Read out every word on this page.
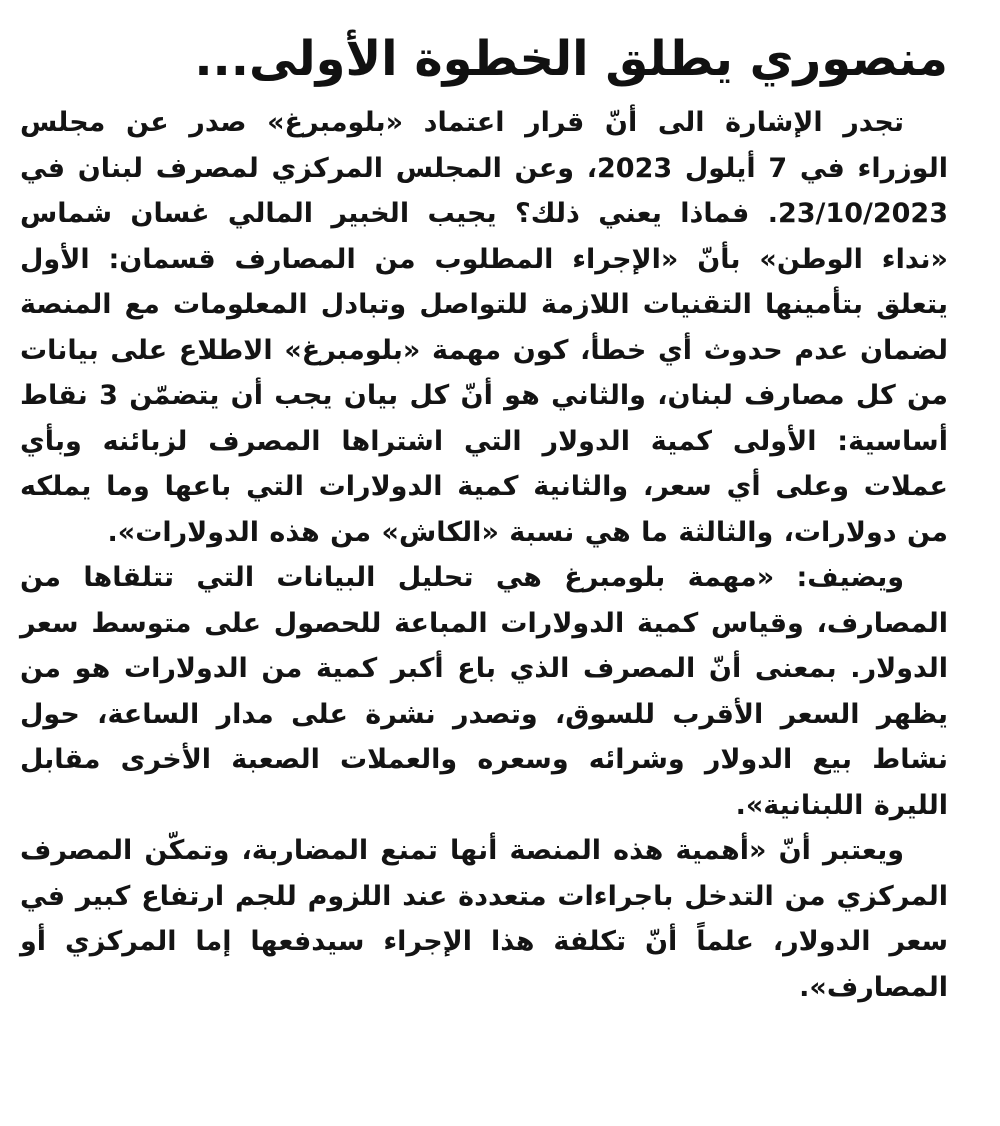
منصوري يطلق الخطوة الأولى...

تجدر الإشارة الى أنّ قرار اعتماد «بلومبرغ» صدر عن مجلس الوزراء في 7 أيلول 2023، وعن المجلس المركزي لمصرف لبنان في 23/10/2023. فماذا يعني ذلك؟ يجيب الخبير المالي غسان شماس «نداء الوطن» بأنّ «الإجراء المطلوب من المصارف قسمان: الأول يتعلق بتأمينها التقنيات اللازمة للتواصل وتبادل المعلومات مع المنصة لضمان عدم حدوث أي خطأ، كون مهمة «بلومبرغ» الاطلاع على بيانات من كل مصارف لبنان، والثاني هو أنّ كل بيان يجب أن يتضمّن 3 نقاط أساسية: الأولى كمية الدولار التي اشتراها المصرف لزبائنه وبأي عملات وعلى أي سعر، والثانية كمية الدولارات التي باعها وما يملكه من دولارات، والثالثة ما هي نسبة «الكاش» من هذه الدولارات».

ويضيف: «مهمة بلومبرغ هي تحليل البيانات التي تتلقاها من المصارف، وقياس كمية الدولارات المباعة للحصول على متوسط سعر الدولار. بمعنى أنّ المصرف الذي باع أكبر كمية من الدولارات هو من يظهر السعر الأقرب للسوق، وتصدر نشرة على مدار الساعة، حول نشاط بيع الدولار وشرائه وسعره والعملات الصعبة الأخرى مقابل الليرة اللبنانية».

ويعتبر أنّ «أهمية هذه المنصة أنها تمنع المضاربة، وتمكّن المصرف المركزي من التدخل باجراءات متعددة عند اللزوم للجم ارتفاع كبير في سعر الدولار، علماً أنّ تكلفة هذا الإجراء سيدفعها إما المركزي أو المصارف».
